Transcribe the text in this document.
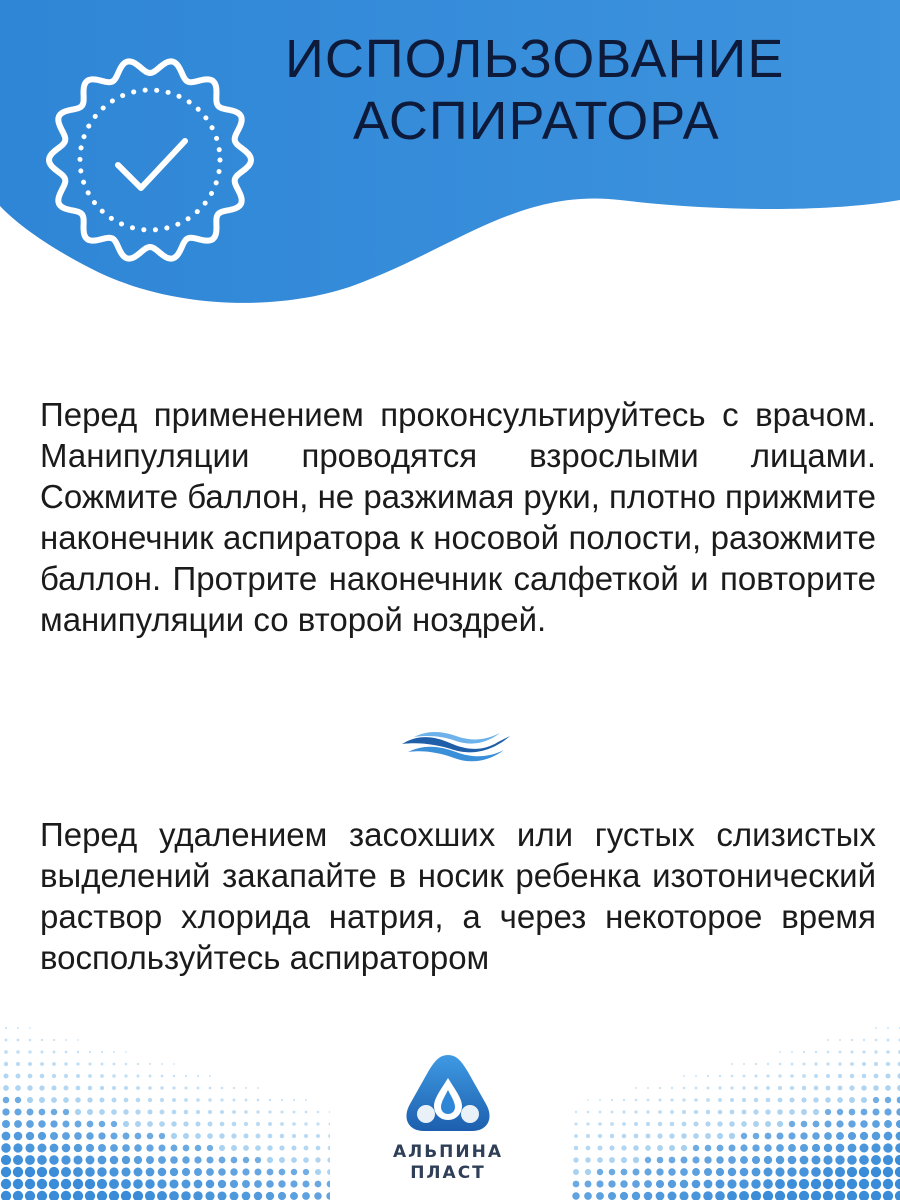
ИСПОЛЬЗОВАНИЕ
АСПИРАТОРА

Перед применением проконсультируйтесь с врачом. Манипуляции проводятся взрослыми лицами. Сожмите баллон, не разжимая руки, плотно прижмите наконечник аспиратора к носовой полости, разожмите баллон. Протрите наконечник салфеткой и повторите манипуляции со второй ноздрей.

Перед удалением засохших или густых слизистых выделений закапайте в носик ребенка изотонический раствор хлорида натрия, а через некоторое время воспользуйтесь аспиратором

АЛЬПИНА
ПЛАСТ
